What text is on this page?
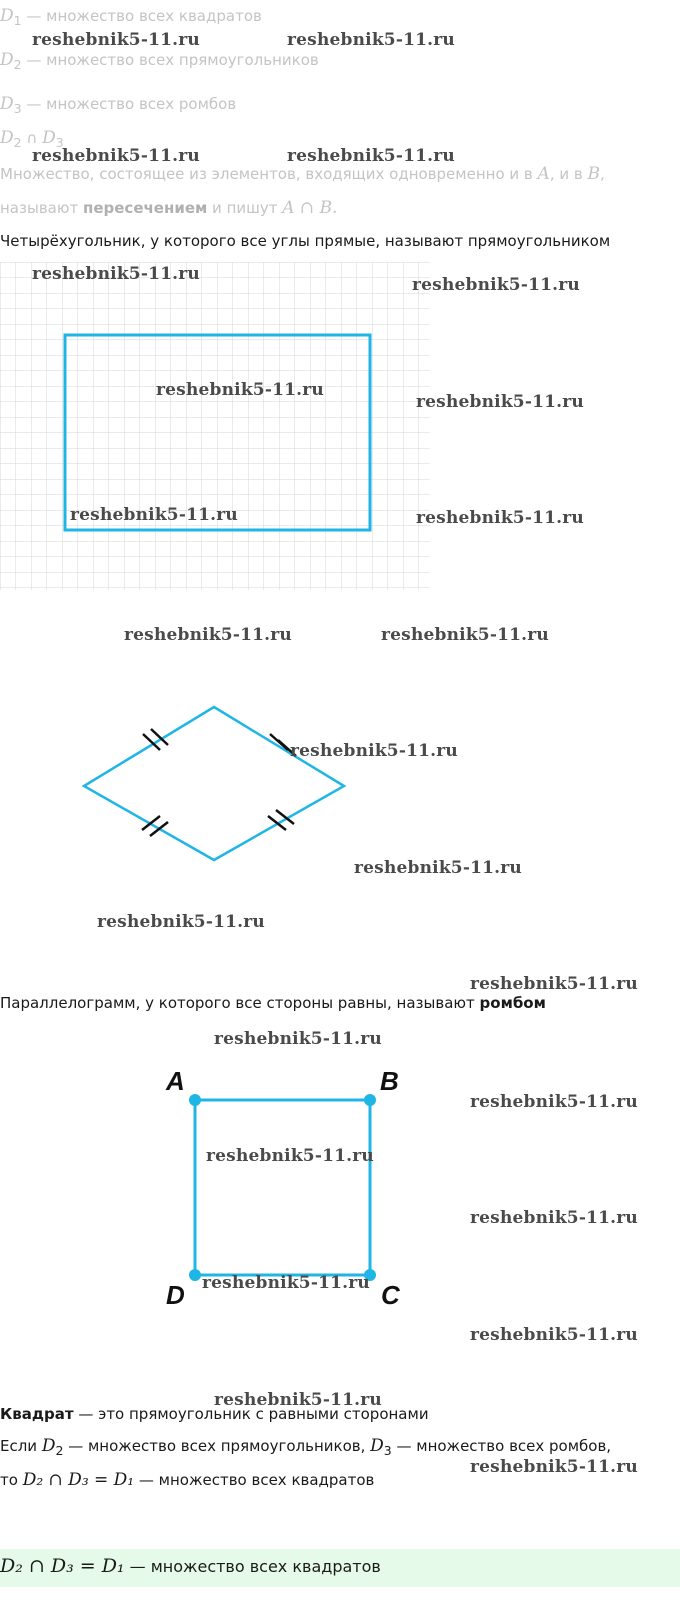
$D_1$ — множество всех квадратов
$D_2$ — множество всех прямоугольников
$D_3$ — множество всех ромбов
$D_2$ ∩ $D_3$
Множество, состоящее из элементов, входящих одновременно и в A, и в B,
называют пересечением и пишут A ∩ B.
Четырёхугольник, у которого все углы прямые, называют прямоугольником
Параллелограмм, у которого все стороны равны, называют ромбом
A	B
C
D
Квадрат — это прямоугольник с равными сторонами
Если $D_2$ — множество всех прямоугольников, $D_3$ — множество всех ромбов,
то D₂ ∩ D₃ = D₁ — множество всех квадратов
D₂ ∩ D₃ = D₁ — множество всех квадратов
reshebnik5-11.ru	reshebnik5-11.ru
reshebnik5-11.ru	reshebnik5-11.ru
reshebnik5-11.ru
reshebnik5-11.ru
reshebnik5-11.ru
reshebnik5-11.ru
reshebnik5-11.ru	reshebnik5-11.ru
reshebnik5-11.ru	reshebnik5-11.ru
reshebnik5-11.ru
reshebnik5-11.ru
reshebnik5-11.ru
reshebnik5-11.ru
reshebnik5-11.ru
reshebnik5-11.ru
reshebnik5-11.ru
reshebnik5-11.ru
reshebnik5-11.ru
reshebnik5-11.ru
reshebnik5-11.ru
reshebnik5-11.ru
